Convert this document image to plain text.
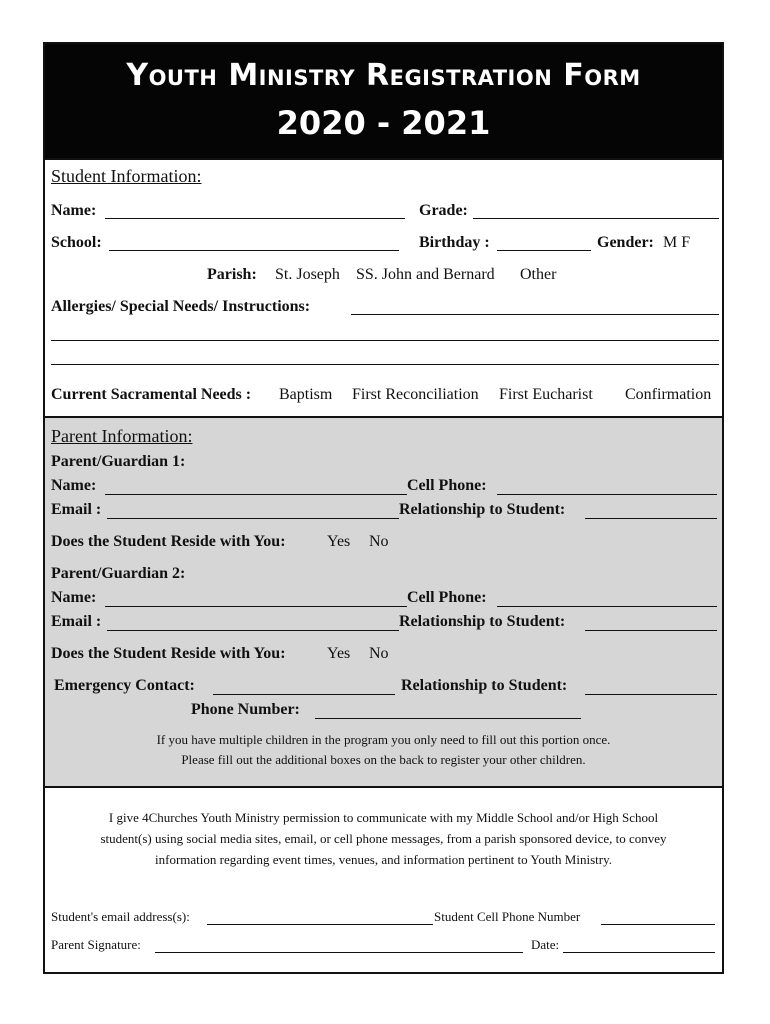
Youth Ministry Registration Form
2020 - 2021
Student Information:
Name:	Grade:
School:	Birthday :	Gender: M F
Parish: St. Joseph SS. John and Bernard Other
Allergies/ Special Needs/ Instructions:
Current Sacramental Needs : Baptism First Reconciliation First Eucharist Confirmation
Parent Information:
Parent/Guardian 1:
Name:	Cell Phone:
Email :	Relationship to Student:
Does the Student Reside with You:	Yes No
Parent/Guardian 2:
Name:	Cell Phone:
Email :	Relationship to Student:
Does the Student Reside with You:	Yes No
Emergency Contact:	Relationship to Student:
Phone Number:
If you have multiple children in the program you only need to fill out this portion once.
Please fill out the additional boxes on the back to register your other children.
I give 4Churches Youth Ministry permission to communicate with my Middle School and/or High School
student(s) using social media sites, email, or cell phone messages, from a parish sponsored device, to convey
information regarding event times, venues, and information pertinent to Youth Ministry.
Student's email address(s):	Student Cell Phone Number
Parent Signature:	Date:
